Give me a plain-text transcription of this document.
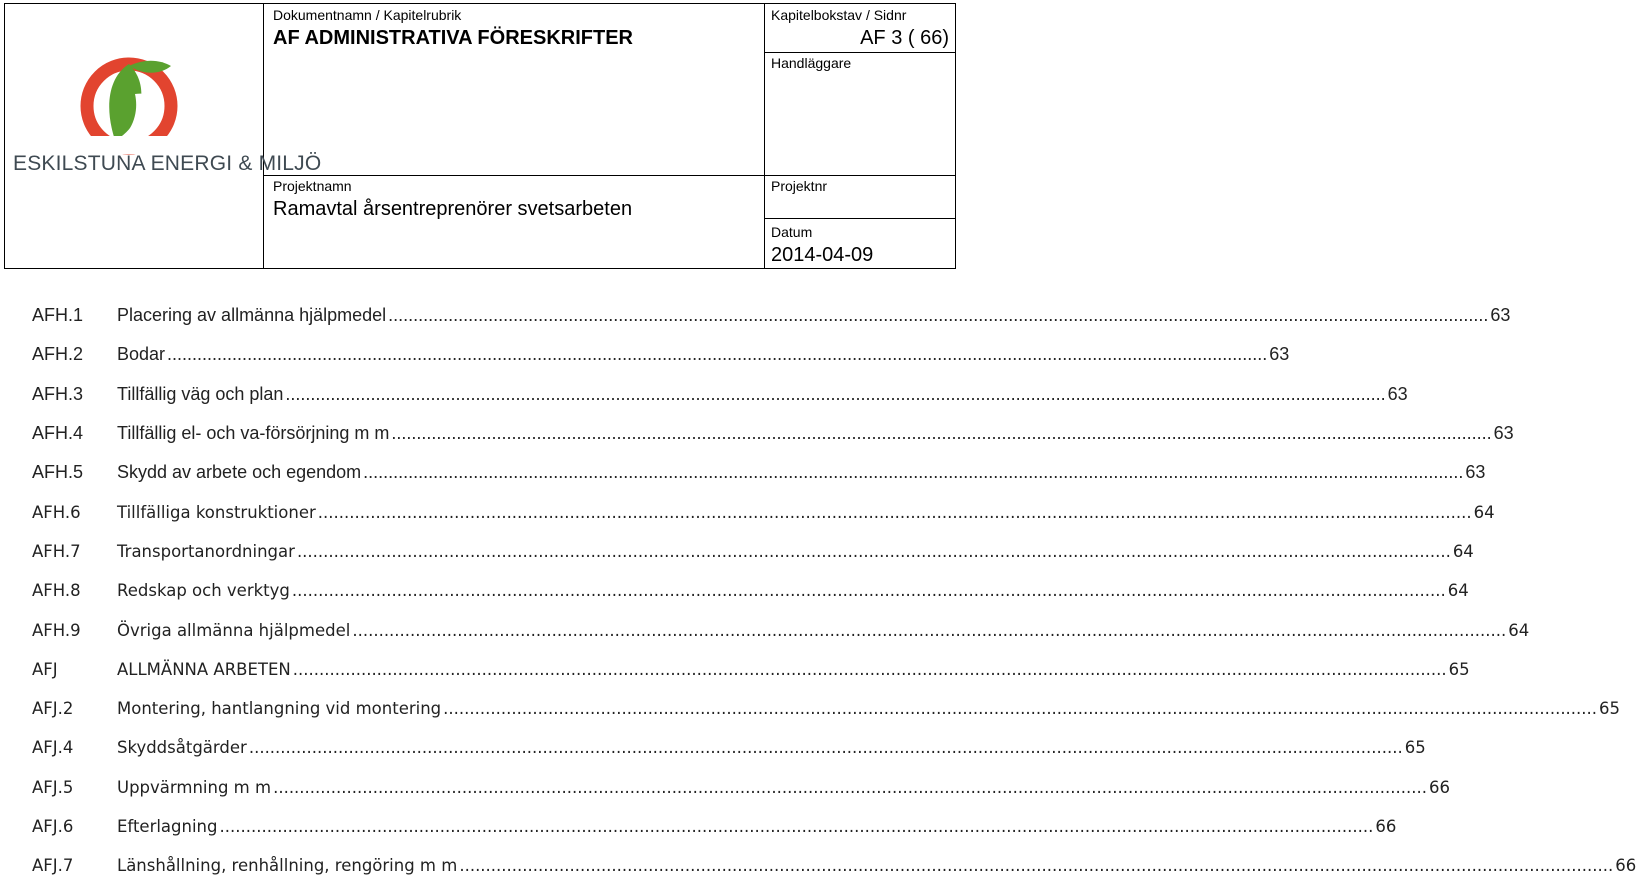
ESKILSTUNA ENERGI & MILJÖ
Dokumentnamn / Kapitelrubrik
AF ADMINISTRATIVA FÖRESKRIFTER
Kapitelbokstav / Sidnr
AF 3 ( 66)
Handläggare
Projektnamn
Ramavtal årsentreprenörer svetsarbeten
Projektnr
Datum
2014-04-09
AFH.1	Placering av allmänna hjälpmedel ............................................................................................................................................................................................................................ 63
AFH.2	Bodar ............................................................................................................................................................................................................................ 63
AFH.3	Tillfällig väg och plan ............................................................................................................................................................................................................................ 63
AFH.4	Tillfällig el- och va-försörjning m m ............................................................................................................................................................................................................................ 63
AFH.5	Skydd av arbete och egendom ............................................................................................................................................................................................................................ 63
AFH.6	Tillfälliga konstruktioner ............................................................................................................................................................................................................................ 64
AFH.7	Transportanordningar ............................................................................................................................................................................................................................ 64
AFH.8	Redskap och verktyg ............................................................................................................................................................................................................................ 64
AFH.9	Övriga allmänna hjälpmedel ............................................................................................................................................................................................................................ 64
AFJ	ALLMÄNNA ARBETEN ............................................................................................................................................................................................................................ 65
AFJ.2	Montering, hantlangning vid montering ............................................................................................................................................................................................................................ 65
AFJ.4	Skyddsåtgärder ............................................................................................................................................................................................................................ 65
AFJ.5	Uppvärmning m m ............................................................................................................................................................................................................................ 66
AFJ.6	Efterlagning ............................................................................................................................................................................................................................ 66
AFJ.7	Länshållning, renhållning, rengöring m m ............................................................................................................................................................................................................................ 66
